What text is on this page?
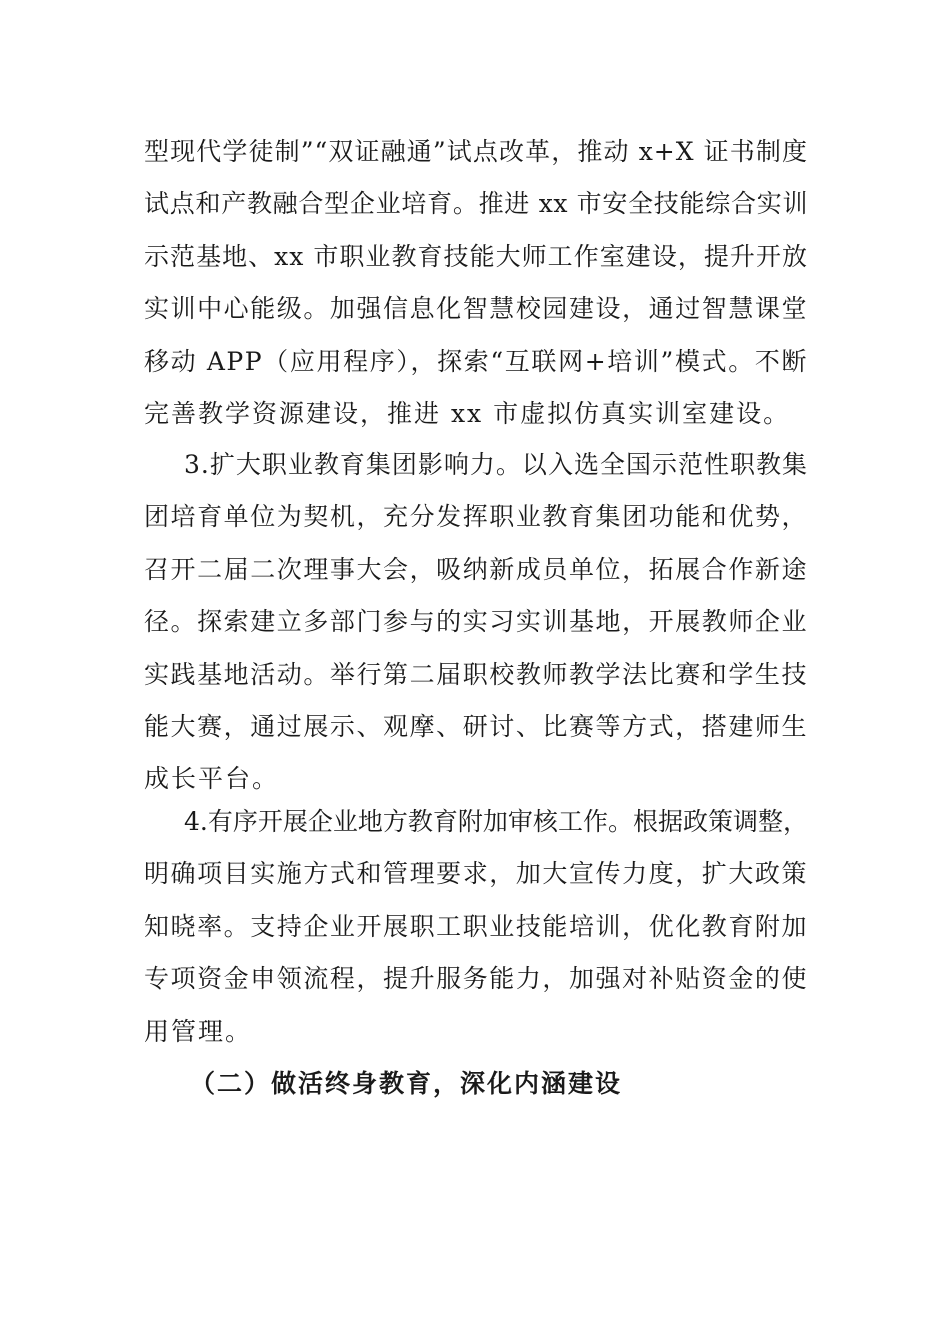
型现代学徒制”“双证融通”试点改革，推动 x+X 证书制度
试点和产教融合型企业培育。推进 xx 市安全技能综合实训
示范基地、xx 市职业教育技能大师工作室建设，提升开放
实训中心能级。加强信息化智慧校园建设，通过智慧课堂
移动 APP（应用程序），探索“互联网+培训”模式。不断
完善教学资源建设，推进 xx 市虚拟仿真实训室建设。
3.扩大职业教育集团影响力。以入选全国示范性职教集
团培育单位为契机，充分发挥职业教育集团功能和优势，
召开二届二次理事大会，吸纳新成员单位，拓展合作新途
径。探索建立多部门参与的实习实训基地，开展教师企业
实践基地活动。举行第二届职校教师教学法比赛和学生技
能大赛，通过展示、观摩、研讨、比赛等方式，搭建师生
成长平台。
4.有序开展企业地方教育附加审核工作。根据政策调整，
明确项目实施方式和管理要求，加大宣传力度，扩大政策
知晓率。支持企业开展职工职业技能培训，优化教育附加
专项资金申领流程，提升服务能力，加强对补贴资金的使
用管理。
（二）做活终身教育，深化内涵建设
